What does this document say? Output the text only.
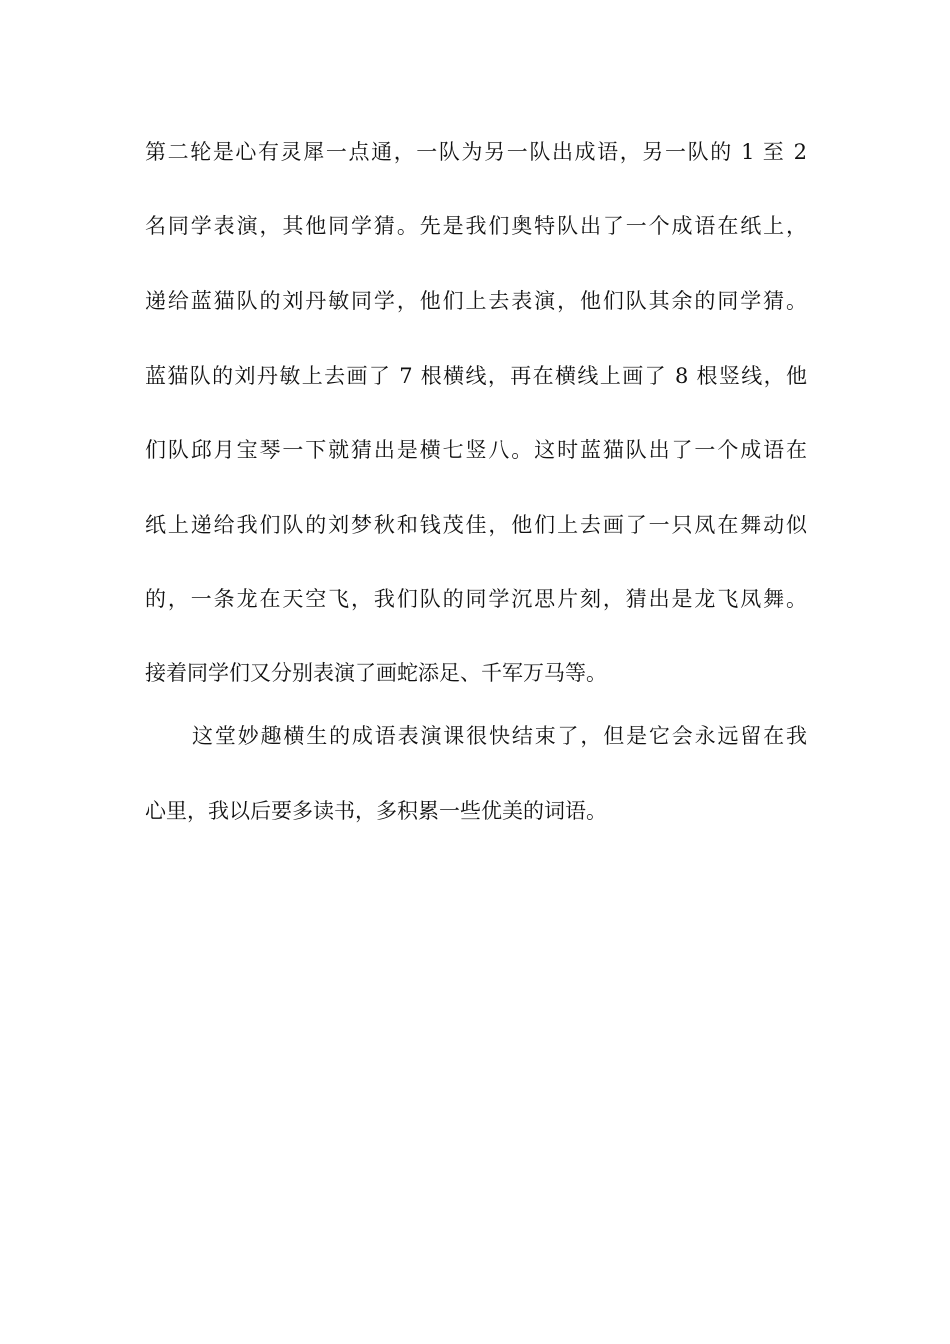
第二轮是心有灵犀一点通，一队为另一队出成语，另一队的 1 至 2
名同学表演，其他同学猜。先是我们奥特队出了一个成语在纸上，
递给蓝猫队的刘丹敏同学，他们上去表演，他们队其余的同学猜。
蓝猫队的刘丹敏上去画了 7 根横线，再在横线上画了 8 根竖线，他
们队邱月宝琴一下就猜出是横七竖八。这时蓝猫队出了一个成语在
纸上递给我们队的刘梦秋和钱茂佳，他们上去画了一只凤在舞动似
的，一条龙在天空飞，我们队的同学沉思片刻，猜出是龙飞凤舞。
接着同学们又分别表演了画蛇添足、千军万马等。
这堂妙趣横生的成语表演课很快结束了，但是它会永远留在我
心里，我以后要多读书，多积累一些优美的词语。
